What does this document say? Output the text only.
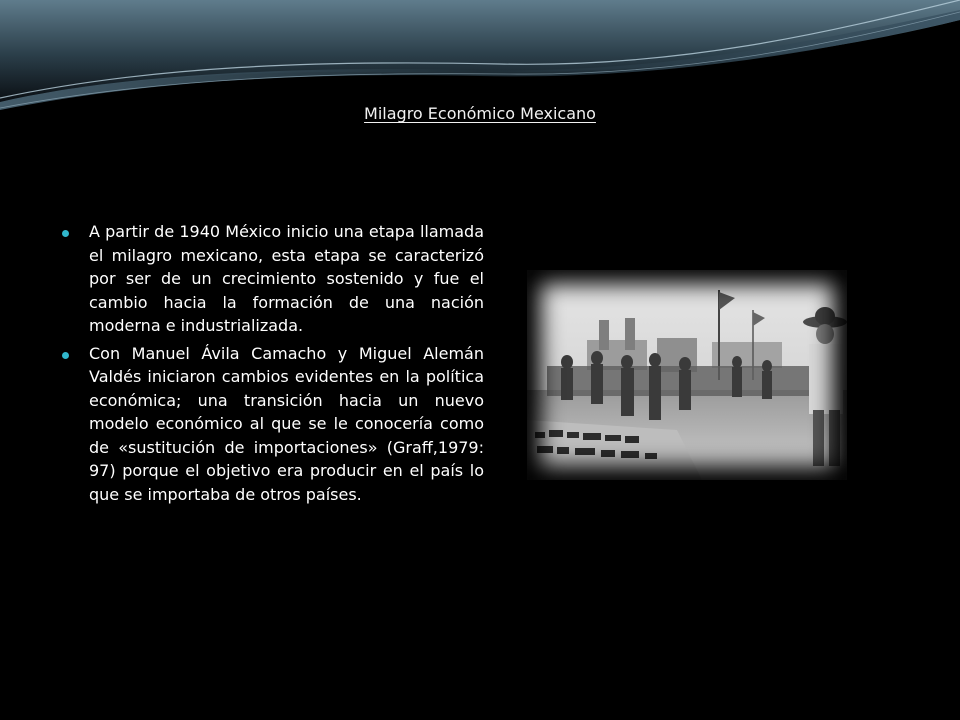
Milagro Económico Mexicano
A partir de 1940 México inicio una etapa llamada el milagro mexicano, esta etapa se caracterizó por ser de un crecimiento sostenido y fue el cambio hacia la formación de una nación moderna e industrializada.
Con Manuel Ávila Camacho y Miguel Alemán Valdés iniciaron cambios evidentes en la política económica; una transición hacia un nuevo modelo económico al que se le conocería como de «sustitución de importaciones» (Graff,1979: 97) porque el objetivo era producir en el país lo que se importaba de otros países.
